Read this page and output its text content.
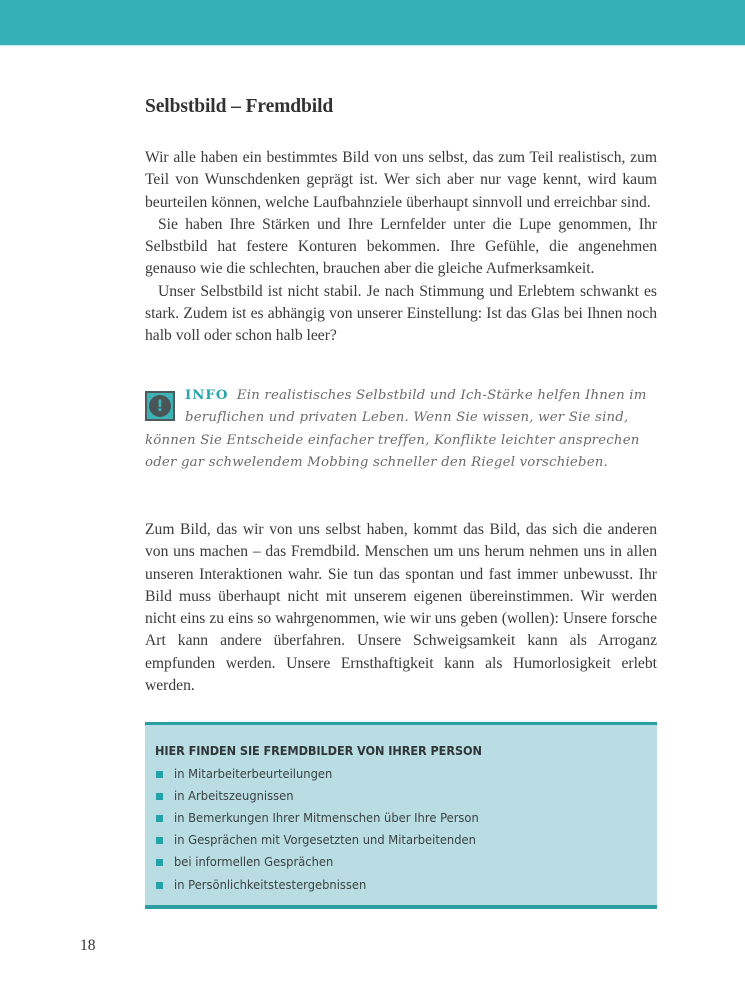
Selbstbild – Fremdbild

Wir alle haben ein bestimmtes Bild von uns selbst, das zum Teil realistisch, zum Teil von Wunschdenken geprägt ist. Wer sich aber nur vage kennt, wird kaum beurteilen können, welche Laufbahnziele überhaupt sinnvoll und erreichbar sind.

Sie haben Ihre Stärken und Ihre Lernfelder unter die Lupe genommen, Ihr Selbstbild hat festere Konturen bekommen. Ihre Gefühle, die angenehmen genauso wie die schlechten, brauchen aber die gleiche Aufmerksamkeit.

Unser Selbstbild ist nicht stabil. Je nach Stimmung und Erlebtem schwankt es stark. Zudem ist es abhängig von unserer Einstellung: Ist das Glas bei Ihnen noch halb voll oder schon halb leer?

!
INFO Ein realistisches Selbstbild und Ich-Stärke helfen Ihnen im beruflichen und privaten Leben. Wenn Sie wissen, wer Sie sind, können Sie Entscheide einfacher treffen, Konflikte leichter ansprechen oder gar schwelendem Mobbing schneller den Riegel vorschieben.

Zum Bild, das wir von uns selbst haben, kommt das Bild, das sich die anderen von uns machen – das Fremdbild. Menschen um uns herum nehmen uns in allen unseren Interaktionen wahr. Sie tun das spontan und fast immer unbewusst. Ihr Bild muss überhaupt nicht mit unserem eigenen übereinstimmen. Wir werden nicht eins zu eins so wahrgenommen, wie wir uns geben (wollen): Unsere forsche Art kann andere überfahren. Unsere Schweigsamkeit kann als Arroganz empfunden werden. Unsere Ernsthaftigkeit kann als Humorlosigkeit erlebt werden.

HIER FINDEN SIE FREMDBILDER VON IHRER PERSON
in Mitarbeiterbeurteilungen
in Arbeitszeugnissen
in Bemerkungen Ihrer Mitmenschen über Ihre Person
in Gesprächen mit Vorgesetzten und Mitarbeitenden
bei informellen Gesprächen
in Persönlichkeitstestergebnissen
18
